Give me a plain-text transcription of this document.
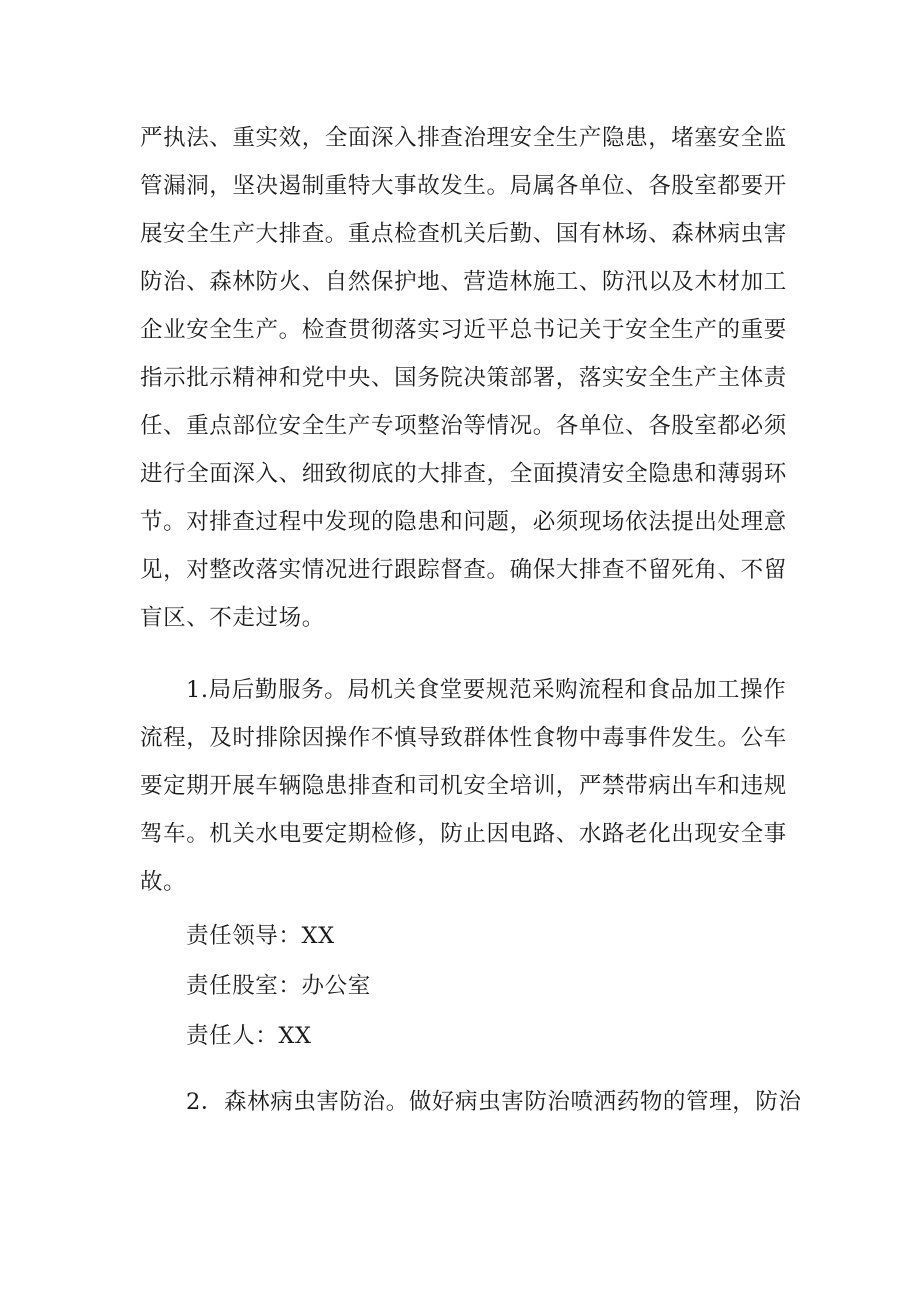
严执法、重实效，全面深入排查治理安全生产隐患，堵塞安全监
管漏洞，坚决遏制重特大事故发生。局属各单位、各股室都要开
展安全生产大排查。重点检查机关后勤、国有林场、森林病虫害
防治、森林防火、自然保护地、营造林施工、防汛以及木材加工
企业安全生产。检查贯彻落实习近平总书记关于安全生产的重要
指示批示精神和党中央、国务院决策部署，落实安全生产主体责
任、重点部位安全生产专项整治等情况。各单位、各股室都必须
进行全面深入、细致彻底的大排查，全面摸清安全隐患和薄弱环
节。对排查过程中发现的隐患和问题，必须现场依法提出处理意
见，对整改落实情况进行跟踪督查。确保大排查不留死角、不留
盲区、不走过场。
1.局后勤服务。局机关食堂要规范采购流程和食品加工操作
流程，及时排除因操作不慎导致群体性食物中毒事件发生。公车
要定期开展车辆隐患排查和司机安全培训，严禁带病出车和违规
驾车。机关水电要定期检修，防止因电路、水路老化出现安全事
故。
责任领导：XX
责任股室：办公室
责任人：XX
2．森林病虫害防治。做好病虫害防治喷洒药物的管理，防治
